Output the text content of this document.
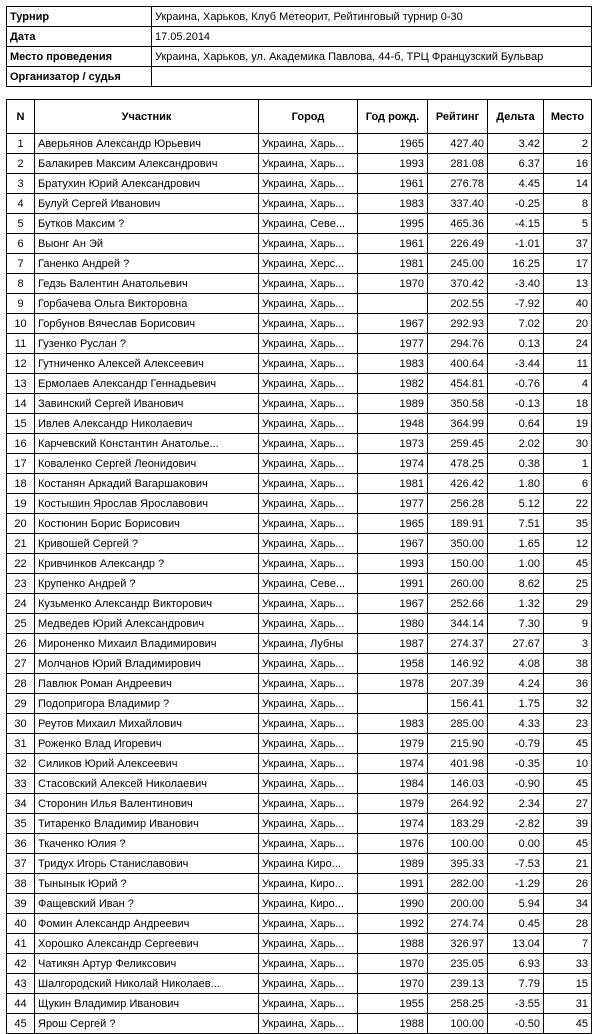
Турнир	Украина, Харьков, Клуб Метеорит, Рейтинговый турнир 0-30
Дата	17.05.2014
Место проведения	Украина, Харьков, ул. Академика Павлова, 44-б, ТРЦ Французский Бульвар
Организатор / судья	
N	Участник	Город	Год рожд.	Рейтинг	Дельта	Место
1	Аверьянов Александр Юрьевич	Украина, Харь...	1965	427.40	3.42	2
2	Балакирев Максим Александрович	Украина, Харь...	1993	281.08	6.37	16
3	Братухин Юрий Александрович	Украина, Харь...	1961	276.78	4.45	14
4	Булуй Сергей Иванович	Украина, Харь...	1983	337.40	-0.25	8
5	Бутков Максим ?	Украина, Севе...	1995	465.36	-4.15	5
6	Выонг Ан Эй	Украина, Харь...	1961	226.49	-1.01	37
7	Ганенко Андрей ?	Украина, Херс...	1981	245.00	16.25	17
8	Гедзь Валентин Анатольевич	Украина, Харь...	1970	370.42	-3.40	13
9	Горбачева Ольга Викторовна	Украина, Харь...		202.55	-7.92	40
10	Горбунов Вячеслав Борисович	Украина, Харь...	1967	292.93	7.02	20
11	Гузенко Руслан ?	Украина, Харь...	1977	294.76	0.13	24
12	Гутниченко Алексей Алексеевич	Украина, Харь...	1983	400.64	-3.44	11
13	Ермолаев Александр Геннадьевич	Украина, Харь...	1982	454.81	-0.76	4
14	Завинский Сергей Иванович	Украина, Харь...	1989	350.58	-0.13	18
15	Ивлев Александр Николаевич	Украина, Харь...	1948	364.99	0.64	19
16	Карчевский Константин Анатолье...	Украина, Харь...	1973	259.45	2.02	30
17	Коваленко Сергей Леонидович	Украина, Харь...	1974	478.25	0.38	1
18	Костанян Аркадий Вагаршакович	Украина, Харь...	1981	426.42	1.80	6
19	Костышин Ярослав Ярославович	Украина, Харь...	1977	256.28	5.12	22
20	Костюнин Борис Борисович	Украина, Харь...	1965	189.91	7.51	35
21	Кривошей Сергей ?	Украина, Харь...	1967	350.00	1.65	12
22	Кривчинков Александр ?	Украина, Харь...	1993	150.00	1.00	45
23	Крупенко Андрей ?	Украина, Севе...	1991	260.00	8.62	25
24	Кузьменко Александр Викторович	Украина, Харь...	1967	252.66	1.32	29
25	Медведев Юрий Александрович	Украина, Харь...	1980	344.14	7.30	9
26	Мироненко Михаил Владимирович	Украина, Лубны	1987	274.37	27.67	3
27	Молчанов Юрий Владимирович	Украина, Харь...	1958	146.92	4.08	38
28	Павлюк Роман Андреевич	Украина, Харь...	1978	207.39	4.24	36
29	Подопригора Владимир ?	Украина, Харь...		156.41	1.75	32
30	Реутов Михаил Михайлович	Украина, Харь...	1983	285.00	4.33	23
31	Роженко Влад Игоревич	Украина, Харь...	1979	215.90	-0.79	45
32	Силиков Юрий Алексеевич	Украина, Харь...	1974	401.98	-0.35	10
33	Стасовский Алексей Николаевич	Украина, Харь...	1984	146.03	-0.90	45
34	Сторонин Илья Валентинович	Украина, Харь...	1979	264.92	2.34	27
35	Титаренко Владимир Иванович	Украина, Харь...	1974	183.29	-2.82	39
36	Ткаченко Юлия ?	Украина, Харь...	1976	100.00	0.00	45
37	Тридух Игорь Станиславович	Украина Киро...	1989	395.33	-7.53	21
38	Тынынык Юрий ?	Украина, Киро...	1991	282.00	-1.29	26
39	Фащевский Иван ?	Украина, Киро...	1990	200.00	5.94	34
40	Фомин Александр Андреевич	Украина, Харь...	1992	274.74	0.45	28
41	Хорошко Александр Сергеевич	Украина, Харь...	1988	326.97	13.04	7
42	Чатикян Артур Феликсович	Украина, Харь...	1970	235.05	6.93	33
43	Шалгородский Николай Николаев...	Украина, Харь...	1970	239.13	7.79	15
44	Щукин Владимир Иванович	Украина, Харь...	1955	258.25	-3.55	31
45	Ярош Сергей ?	Украина, Харь...	1988	100.00	-0.50	45
